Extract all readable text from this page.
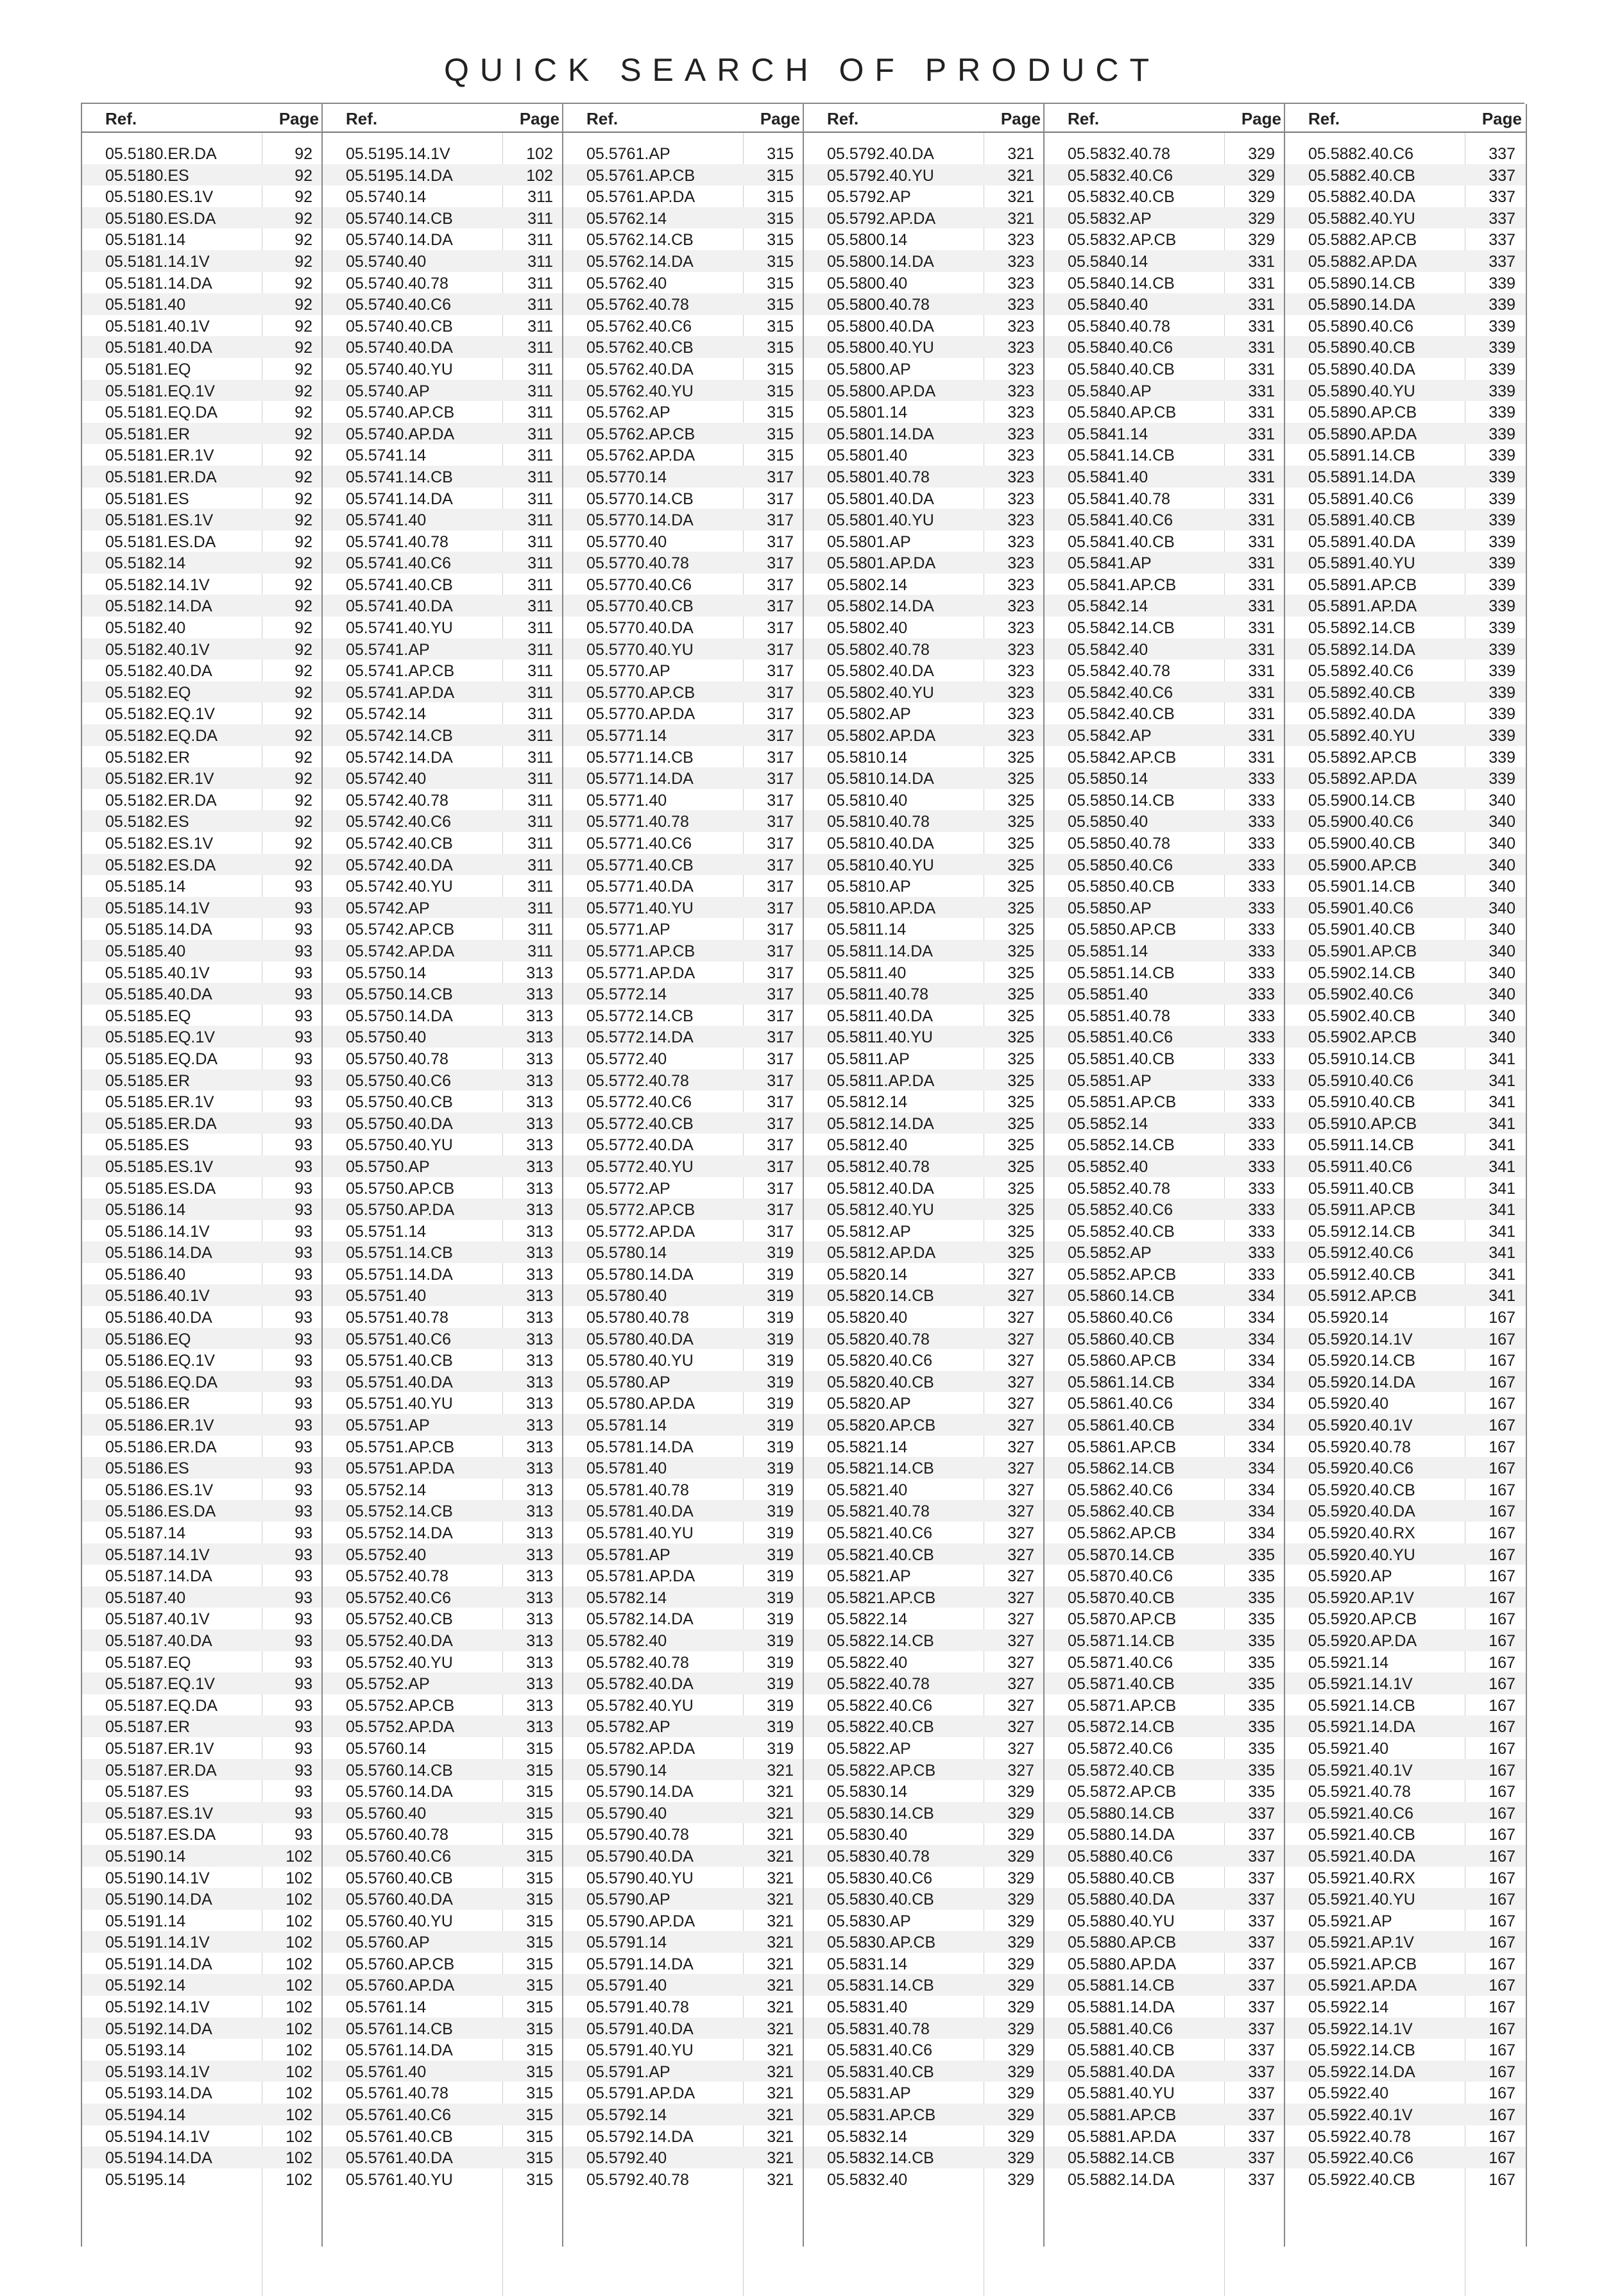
QUICK SEARCH OF PRODUCT
Ref.	Page
05.5180.ER.DA	92
05.5180.ES	92
05.5180.ES.1V	92
05.5180.ES.DA	92
05.5181.14	92
05.5181.14.1V	92
05.5181.14.DA	92
05.5181.40	92
05.5181.40.1V	92
05.5181.40.DA	92
05.5181.EQ	92
05.5181.EQ.1V	92
05.5181.EQ.DA	92
05.5181.ER	92
05.5181.ER.1V	92
05.5181.ER.DA	92
05.5181.ES	92
05.5181.ES.1V	92
05.5181.ES.DA	92
05.5182.14	92
05.5182.14.1V	92
05.5182.14.DA	92
05.5182.40	92
05.5182.40.1V	92
05.5182.40.DA	92
05.5182.EQ	92
05.5182.EQ.1V	92
05.5182.EQ.DA	92
05.5182.ER	92
05.5182.ER.1V	92
05.5182.ER.DA	92
05.5182.ES	92
05.5182.ES.1V	92
05.5182.ES.DA	92
05.5185.14	93
05.5185.14.1V	93
05.5185.14.DA	93
05.5185.40	93
05.5185.40.1V	93
05.5185.40.DA	93
05.5185.EQ	93
05.5185.EQ.1V	93
05.5185.EQ.DA	93
05.5185.ER	93
05.5185.ER.1V	93
05.5185.ER.DA	93
05.5185.ES	93
05.5185.ES.1V	93
05.5185.ES.DA	93
05.5186.14	93
05.5186.14.1V	93
05.5186.14.DA	93
05.5186.40	93
05.5186.40.1V	93
05.5186.40.DA	93
05.5186.EQ	93
05.5186.EQ.1V	93
05.5186.EQ.DA	93
05.5186.ER	93
05.5186.ER.1V	93
05.5186.ER.DA	93
05.5186.ES	93
05.5186.ES.1V	93
05.5186.ES.DA	93
05.5187.14	93
05.5187.14.1V	93
05.5187.14.DA	93
05.5187.40	93
05.5187.40.1V	93
05.5187.40.DA	93
05.5187.EQ	93
05.5187.EQ.1V	93
05.5187.EQ.DA	93
05.5187.ER	93
05.5187.ER.1V	93
05.5187.ER.DA	93
05.5187.ES	93
05.5187.ES.1V	93
05.5187.ES.DA	93
05.5190.14	102
05.5190.14.1V	102
05.5190.14.DA	102
05.5191.14	102
05.5191.14.1V	102
05.5191.14.DA	102
05.5192.14	102
05.5192.14.1V	102
05.5192.14.DA	102
05.5193.14	102
05.5193.14.1V	102
05.5193.14.DA	102
05.5194.14	102
05.5194.14.1V	102
05.5194.14.DA	102
05.5195.14	102
Ref.	Page
05.5195.14.1V	102
05.5195.14.DA	102
05.5740.14	311
05.5740.14.CB	311
05.5740.14.DA	311
05.5740.40	311
05.5740.40.78	311
05.5740.40.C6	311
05.5740.40.CB	311
05.5740.40.DA	311
05.5740.40.YU	311
05.5740.AP	311
05.5740.AP.CB	311
05.5740.AP.DA	311
05.5741.14	311
05.5741.14.CB	311
05.5741.14.DA	311
05.5741.40	311
05.5741.40.78	311
05.5741.40.C6	311
05.5741.40.CB	311
05.5741.40.DA	311
05.5741.40.YU	311
05.5741.AP	311
05.5741.AP.CB	311
05.5741.AP.DA	311
05.5742.14	311
05.5742.14.CB	311
05.5742.14.DA	311
05.5742.40	311
05.5742.40.78	311
05.5742.40.C6	311
05.5742.40.CB	311
05.5742.40.DA	311
05.5742.40.YU	311
05.5742.AP	311
05.5742.AP.CB	311
05.5742.AP.DA	311
05.5750.14	313
05.5750.14.CB	313
05.5750.14.DA	313
05.5750.40	313
05.5750.40.78	313
05.5750.40.C6	313
05.5750.40.CB	313
05.5750.40.DA	313
05.5750.40.YU	313
05.5750.AP	313
05.5750.AP.CB	313
05.5750.AP.DA	313
05.5751.14	313
05.5751.14.CB	313
05.5751.14.DA	313
05.5751.40	313
05.5751.40.78	313
05.5751.40.C6	313
05.5751.40.CB	313
05.5751.40.DA	313
05.5751.40.YU	313
05.5751.AP	313
05.5751.AP.CB	313
05.5751.AP.DA	313
05.5752.14	313
05.5752.14.CB	313
05.5752.14.DA	313
05.5752.40	313
05.5752.40.78	313
05.5752.40.C6	313
05.5752.40.CB	313
05.5752.40.DA	313
05.5752.40.YU	313
05.5752.AP	313
05.5752.AP.CB	313
05.5752.AP.DA	313
05.5760.14	315
05.5760.14.CB	315
05.5760.14.DA	315
05.5760.40	315
05.5760.40.78	315
05.5760.40.C6	315
05.5760.40.CB	315
05.5760.40.DA	315
05.5760.40.YU	315
05.5760.AP	315
05.5760.AP.CB	315
05.5760.AP.DA	315
05.5761.14	315
05.5761.14.CB	315
05.5761.14.DA	315
05.5761.40	315
05.5761.40.78	315
05.5761.40.C6	315
05.5761.40.CB	315
05.5761.40.DA	315
05.5761.40.YU	315
Ref.	Page
05.5761.AP	315
05.5761.AP.CB	315
05.5761.AP.DA	315
05.5762.14	315
05.5762.14.CB	315
05.5762.14.DA	315
05.5762.40	315
05.5762.40.78	315
05.5762.40.C6	315
05.5762.40.CB	315
05.5762.40.DA	315
05.5762.40.YU	315
05.5762.AP	315
05.5762.AP.CB	315
05.5762.AP.DA	315
05.5770.14	317
05.5770.14.CB	317
05.5770.14.DA	317
05.5770.40	317
05.5770.40.78	317
05.5770.40.C6	317
05.5770.40.CB	317
05.5770.40.DA	317
05.5770.40.YU	317
05.5770.AP	317
05.5770.AP.CB	317
05.5770.AP.DA	317
05.5771.14	317
05.5771.14.CB	317
05.5771.14.DA	317
05.5771.40	317
05.5771.40.78	317
05.5771.40.C6	317
05.5771.40.CB	317
05.5771.40.DA	317
05.5771.40.YU	317
05.5771.AP	317
05.5771.AP.CB	317
05.5771.AP.DA	317
05.5772.14	317
05.5772.14.CB	317
05.5772.14.DA	317
05.5772.40	317
05.5772.40.78	317
05.5772.40.C6	317
05.5772.40.CB	317
05.5772.40.DA	317
05.5772.40.YU	317
05.5772.AP	317
05.5772.AP.CB	317
05.5772.AP.DA	317
05.5780.14	319
05.5780.14.DA	319
05.5780.40	319
05.5780.40.78	319
05.5780.40.DA	319
05.5780.40.YU	319
05.5780.AP	319
05.5780.AP.DA	319
05.5781.14	319
05.5781.14.DA	319
05.5781.40	319
05.5781.40.78	319
05.5781.40.DA	319
05.5781.40.YU	319
05.5781.AP	319
05.5781.AP.DA	319
05.5782.14	319
05.5782.14.DA	319
05.5782.40	319
05.5782.40.78	319
05.5782.40.DA	319
05.5782.40.YU	319
05.5782.AP	319
05.5782.AP.DA	319
05.5790.14	321
05.5790.14.DA	321
05.5790.40	321
05.5790.40.78	321
05.5790.40.DA	321
05.5790.40.YU	321
05.5790.AP	321
05.5790.AP.DA	321
05.5791.14	321
05.5791.14.DA	321
05.5791.40	321
05.5791.40.78	321
05.5791.40.DA	321
05.5791.40.YU	321
05.5791.AP	321
05.5791.AP.DA	321
05.5792.14	321
05.5792.14.DA	321
05.5792.40	321
05.5792.40.78	321
Ref.	Page
05.5792.40.DA	321
05.5792.40.YU	321
05.5792.AP	321
05.5792.AP.DA	321
05.5800.14	323
05.5800.14.DA	323
05.5800.40	323
05.5800.40.78	323
05.5800.40.DA	323
05.5800.40.YU	323
05.5800.AP	323
05.5800.AP.DA	323
05.5801.14	323
05.5801.14.DA	323
05.5801.40	323
05.5801.40.78	323
05.5801.40.DA	323
05.5801.40.YU	323
05.5801.AP	323
05.5801.AP.DA	323
05.5802.14	323
05.5802.14.DA	323
05.5802.40	323
05.5802.40.78	323
05.5802.40.DA	323
05.5802.40.YU	323
05.5802.AP	323
05.5802.AP.DA	323
05.5810.14	325
05.5810.14.DA	325
05.5810.40	325
05.5810.40.78	325
05.5810.40.DA	325
05.5810.40.YU	325
05.5810.AP	325
05.5810.AP.DA	325
05.5811.14	325
05.5811.14.DA	325
05.5811.40	325
05.5811.40.78	325
05.5811.40.DA	325
05.5811.40.YU	325
05.5811.AP	325
05.5811.AP.DA	325
05.5812.14	325
05.5812.14.DA	325
05.5812.40	325
05.5812.40.78	325
05.5812.40.DA	325
05.5812.40.YU	325
05.5812.AP	325
05.5812.AP.DA	325
05.5820.14	327
05.5820.14.CB	327
05.5820.40	327
05.5820.40.78	327
05.5820.40.C6	327
05.5820.40.CB	327
05.5820.AP	327
05.5820.AP.CB	327
05.5821.14	327
05.5821.14.CB	327
05.5821.40	327
05.5821.40.78	327
05.5821.40.C6	327
05.5821.40.CB	327
05.5821.AP	327
05.5821.AP.CB	327
05.5822.14	327
05.5822.14.CB	327
05.5822.40	327
05.5822.40.78	327
05.5822.40.C6	327
05.5822.40.CB	327
05.5822.AP	327
05.5822.AP.CB	327
05.5830.14	329
05.5830.14.CB	329
05.5830.40	329
05.5830.40.78	329
05.5830.40.C6	329
05.5830.40.CB	329
05.5830.AP	329
05.5830.AP.CB	329
05.5831.14	329
05.5831.14.CB	329
05.5831.40	329
05.5831.40.78	329
05.5831.40.C6	329
05.5831.40.CB	329
05.5831.AP	329
05.5831.AP.CB	329
05.5832.14	329
05.5832.14.CB	329
05.5832.40	329
Ref.	Page
05.5832.40.78	329
05.5832.40.C6	329
05.5832.40.CB	329
05.5832.AP	329
05.5832.AP.CB	329
05.5840.14	331
05.5840.14.CB	331
05.5840.40	331
05.5840.40.78	331
05.5840.40.C6	331
05.5840.40.CB	331
05.5840.AP	331
05.5840.AP.CB	331
05.5841.14	331
05.5841.14.CB	331
05.5841.40	331
05.5841.40.78	331
05.5841.40.C6	331
05.5841.40.CB	331
05.5841.AP	331
05.5841.AP.CB	331
05.5842.14	331
05.5842.14.CB	331
05.5842.40	331
05.5842.40.78	331
05.5842.40.C6	331
05.5842.40.CB	331
05.5842.AP	331
05.5842.AP.CB	331
05.5850.14	333
05.5850.14.CB	333
05.5850.40	333
05.5850.40.78	333
05.5850.40.C6	333
05.5850.40.CB	333
05.5850.AP	333
05.5850.AP.CB	333
05.5851.14	333
05.5851.14.CB	333
05.5851.40	333
05.5851.40.78	333
05.5851.40.C6	333
05.5851.40.CB	333
05.5851.AP	333
05.5851.AP.CB	333
05.5852.14	333
05.5852.14.CB	333
05.5852.40	333
05.5852.40.78	333
05.5852.40.C6	333
05.5852.40.CB	333
05.5852.AP	333
05.5852.AP.CB	333
05.5860.14.CB	334
05.5860.40.C6	334
05.5860.40.CB	334
05.5860.AP.CB	334
05.5861.14.CB	334
05.5861.40.C6	334
05.5861.40.CB	334
05.5861.AP.CB	334
05.5862.14.CB	334
05.5862.40.C6	334
05.5862.40.CB	334
05.5862.AP.CB	334
05.5870.14.CB	335
05.5870.40.C6	335
05.5870.40.CB	335
05.5870.AP.CB	335
05.5871.14.CB	335
05.5871.40.C6	335
05.5871.40.CB	335
05.5871.AP.CB	335
05.5872.14.CB	335
05.5872.40.C6	335
05.5872.40.CB	335
05.5872.AP.CB	335
05.5880.14.CB	337
05.5880.14.DA	337
05.5880.40.C6	337
05.5880.40.CB	337
05.5880.40.DA	337
05.5880.40.YU	337
05.5880.AP.CB	337
05.5880.AP.DA	337
05.5881.14.CB	337
05.5881.14.DA	337
05.5881.40.C6	337
05.5881.40.CB	337
05.5881.40.DA	337
05.5881.40.YU	337
05.5881.AP.CB	337
05.5881.AP.DA	337
05.5882.14.CB	337
05.5882.14.DA	337
Ref.	Page
05.5882.40.C6	337
05.5882.40.CB	337
05.5882.40.DA	337
05.5882.40.YU	337
05.5882.AP.CB	337
05.5882.AP.DA	337
05.5890.14.CB	339
05.5890.14.DA	339
05.5890.40.C6	339
05.5890.40.CB	339
05.5890.40.DA	339
05.5890.40.YU	339
05.5890.AP.CB	339
05.5890.AP.DA	339
05.5891.14.CB	339
05.5891.14.DA	339
05.5891.40.C6	339
05.5891.40.CB	339
05.5891.40.DA	339
05.5891.40.YU	339
05.5891.AP.CB	339
05.5891.AP.DA	339
05.5892.14.CB	339
05.5892.14.DA	339
05.5892.40.C6	339
05.5892.40.CB	339
05.5892.40.DA	339
05.5892.40.YU	339
05.5892.AP.CB	339
05.5892.AP.DA	339
05.5900.14.CB	340
05.5900.40.C6	340
05.5900.40.CB	340
05.5900.AP.CB	340
05.5901.14.CB	340
05.5901.40.C6	340
05.5901.40.CB	340
05.5901.AP.CB	340
05.5902.14.CB	340
05.5902.40.C6	340
05.5902.40.CB	340
05.5902.AP.CB	340
05.5910.14.CB	341
05.5910.40.C6	341
05.5910.40.CB	341
05.5910.AP.CB	341
05.5911.14.CB	341
05.5911.40.C6	341
05.5911.40.CB	341
05.5911.AP.CB	341
05.5912.14.CB	341
05.5912.40.C6	341
05.5912.40.CB	341
05.5912.AP.CB	341
05.5920.14	167
05.5920.14.1V	167
05.5920.14.CB	167
05.5920.14.DA	167
05.5920.40	167
05.5920.40.1V	167
05.5920.40.78	167
05.5920.40.C6	167
05.5920.40.CB	167
05.5920.40.DA	167
05.5920.40.RX	167
05.5920.40.YU	167
05.5920.AP	167
05.5920.AP.1V	167
05.5920.AP.CB	167
05.5920.AP.DA	167
05.5921.14	167
05.5921.14.1V	167
05.5921.14.CB	167
05.5921.14.DA	167
05.5921.40	167
05.5921.40.1V	167
05.5921.40.78	167
05.5921.40.C6	167
05.5921.40.CB	167
05.5921.40.DA	167
05.5921.40.RX	167
05.5921.40.YU	167
05.5921.AP	167
05.5921.AP.1V	167
05.5921.AP.CB	167
05.5921.AP.DA	167
05.5922.14	167
05.5922.14.1V	167
05.5922.14.CB	167
05.5922.14.DA	167
05.5922.40	167
05.5922.40.1V	167
05.5922.40.78	167
05.5922.40.C6	167
05.5922.40.CB	167
